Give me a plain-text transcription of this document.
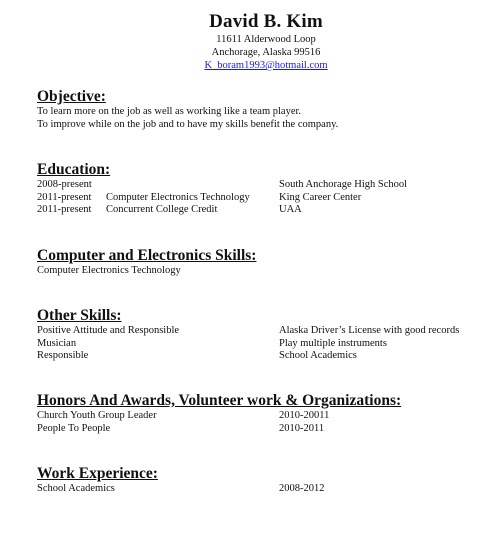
David B. Kim
11611 Alderwood Loop
Anchorage, Alaska 99516
K_boram1993@hotmail.com
Objective:
To learn more on the job as well as working like a team player.
To improve while on the job and to have my skills benefit the company.
Education:
2008-present	South Anchorage High School
2011-present Computer Electronics Technology	King Career Center
2011-present Concurrent College Credit	UAA
Computer and Electronics Skills:
Computer Electronics Technology
Other Skills:
Positive Attitude and Responsible	Alaska Driver’s License with good records
Musician	Play multiple instruments
Responsible	School Academics
Honors And Awards, Volunteer work & Organizations:
Church Youth Group Leader	2010-20011
People To People	2010-2011
Work Experience:
School Academics	2008-2012
